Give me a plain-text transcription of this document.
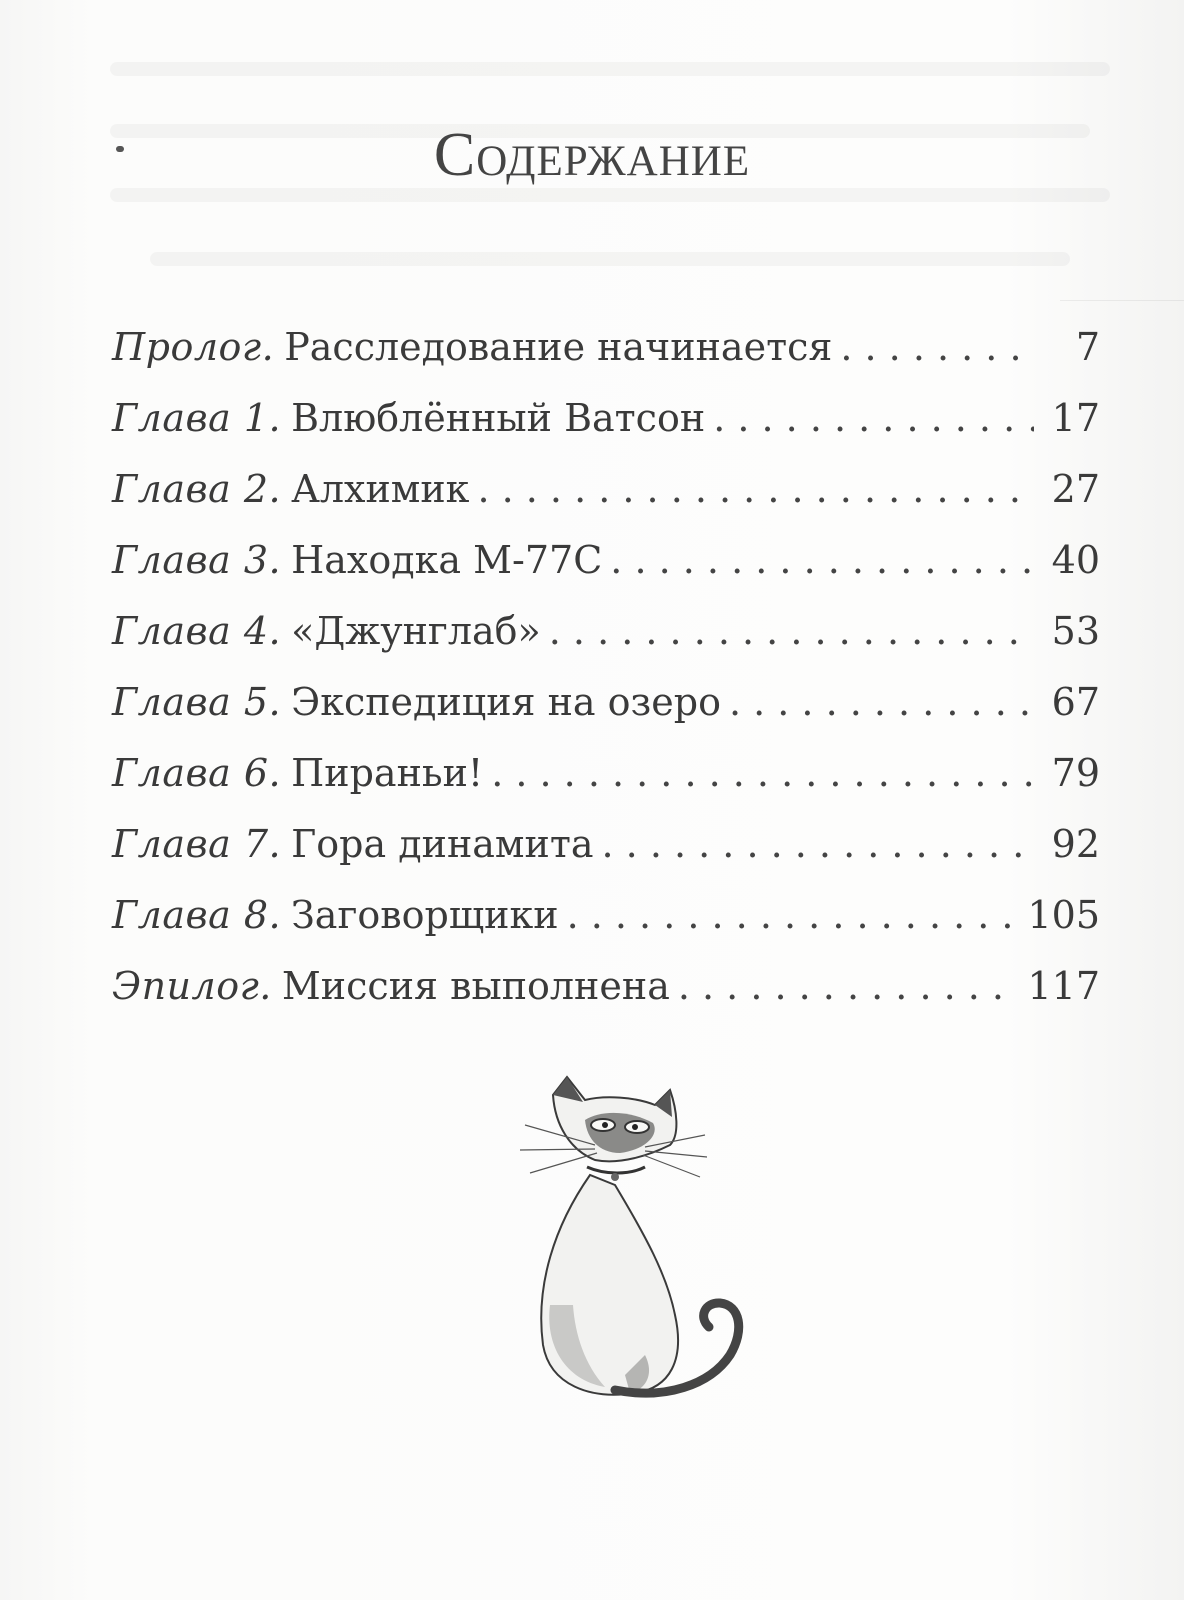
Содержание
Пролог. Расследование начинается . . .	7
Глава 1. Влюблённый Ватсон . . .	17
Глава 2. Алхимик . . .	27
Глава 3. Находка М-77С . . .	40
Глава 4. «Джунглаб» . . .	53
Глава 5. Экспедиция на озеро . . .	67
Глава 6. Пираньи! . . .	79
Глава 7. Гора динамита . . .	92
Глава 8. Заговорщики . . .	105
Эпилог. Миссия выполнена . . .	117
